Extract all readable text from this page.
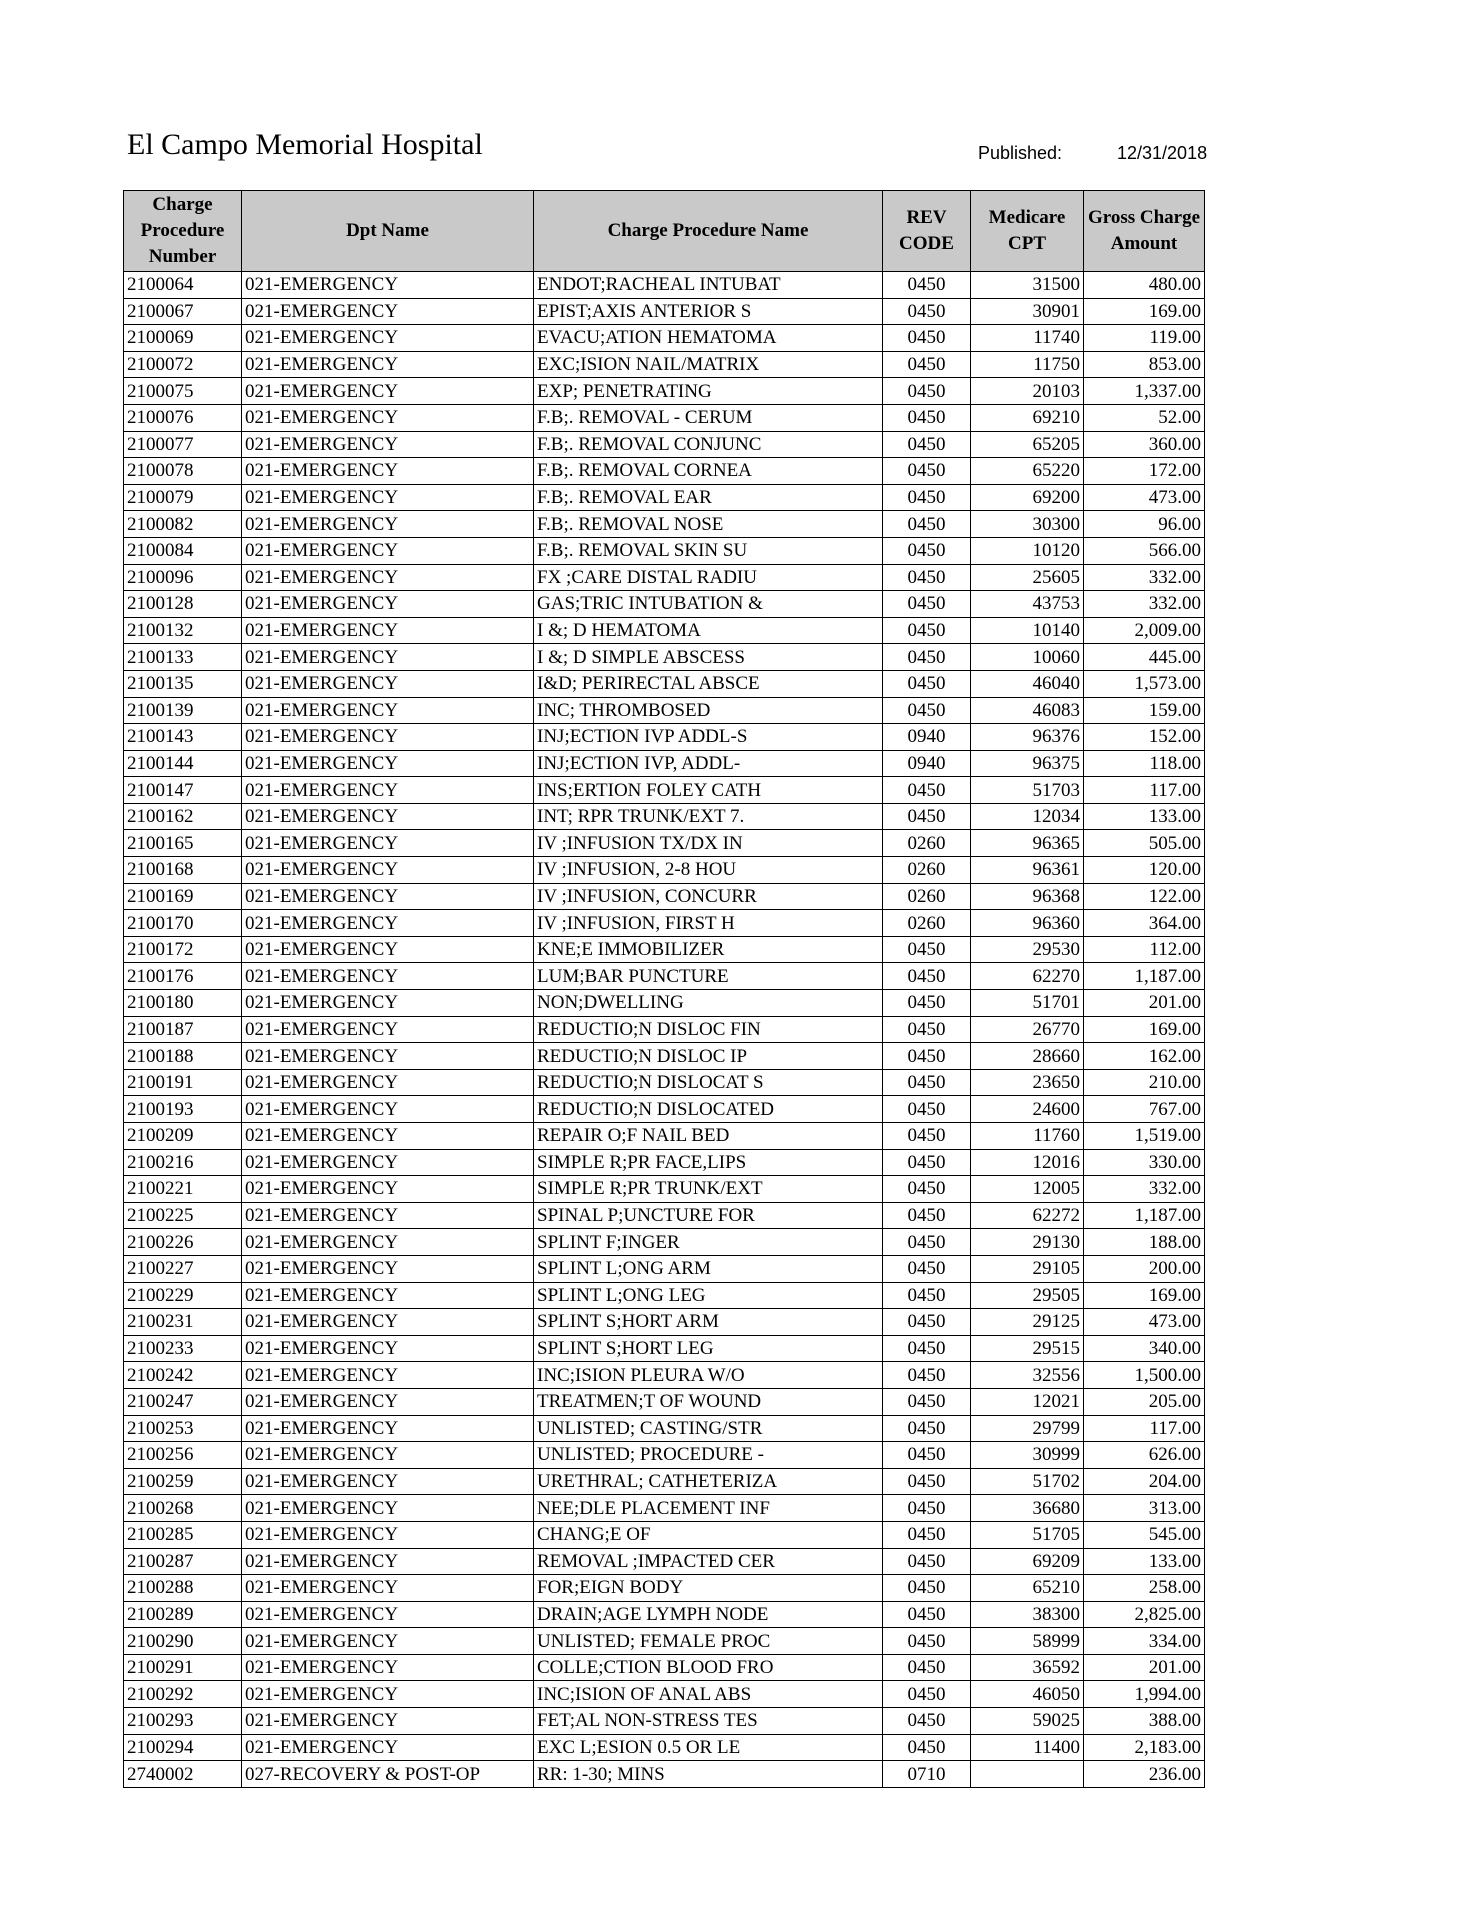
El Campo Memorial Hospital	Published:	12/31/2018
Charge Procedure Number	Dpt Name	Charge Procedure Name	REV CODE	Medicare CPT	Gross Charge Amount
2100064	021-EMERGENCY	ENDOT;RACHEAL INTUBAT	0450	31500	480.00
2100067	021-EMERGENCY	EPIST;AXIS ANTERIOR S	0450	30901	169.00
2100069	021-EMERGENCY	EVACU;ATION HEMATOMA	0450	11740	119.00
2100072	021-EMERGENCY	EXC;ISION NAIL/MATRIX	0450	11750	853.00
2100075	021-EMERGENCY	EXP; PENETRATING	0450	20103	1,337.00
2100076	021-EMERGENCY	F.B;. REMOVAL - CERUM	0450	69210	52.00
2100077	021-EMERGENCY	F.B;. REMOVAL CONJUNC	0450	65205	360.00
2100078	021-EMERGENCY	F.B;. REMOVAL CORNEA	0450	65220	172.00
2100079	021-EMERGENCY	F.B;. REMOVAL EAR	0450	69200	473.00
2100082	021-EMERGENCY	F.B;. REMOVAL NOSE	0450	30300	96.00
2100084	021-EMERGENCY	F.B;. REMOVAL SKIN SU	0450	10120	566.00
2100096	021-EMERGENCY	FX ;CARE DISTAL RADIU	0450	25605	332.00
2100128	021-EMERGENCY	GAS;TRIC INTUBATION &	0450	43753	332.00
2100132	021-EMERGENCY	I &; D HEMATOMA	0450	10140	2,009.00
2100133	021-EMERGENCY	I &; D SIMPLE ABSCESS	0450	10060	445.00
2100135	021-EMERGENCY	I&D; PERIRECTAL ABSCE	0450	46040	1,573.00
2100139	021-EMERGENCY	INC; THROMBOSED	0450	46083	159.00
2100143	021-EMERGENCY	INJ;ECTION IVP ADDL-S	0940	96376	152.00
2100144	021-EMERGENCY	INJ;ECTION IVP, ADDL-	0940	96375	118.00
2100147	021-EMERGENCY	INS;ERTION FOLEY CATH	0450	51703	117.00
2100162	021-EMERGENCY	INT; RPR TRUNK/EXT 7.	0450	12034	133.00
2100165	021-EMERGENCY	IV ;INFUSION TX/DX IN	0260	96365	505.00
2100168	021-EMERGENCY	IV ;INFUSION, 2-8 HOU	0260	96361	120.00
2100169	021-EMERGENCY	IV ;INFUSION, CONCURR	0260	96368	122.00
2100170	021-EMERGENCY	IV ;INFUSION, FIRST H	0260	96360	364.00
2100172	021-EMERGENCY	KNE;E IMMOBILIZER	0450	29530	112.00
2100176	021-EMERGENCY	LUM;BAR PUNCTURE	0450	62270	1,187.00
2100180	021-EMERGENCY	NON;DWELLING	0450	51701	201.00
2100187	021-EMERGENCY	REDUCTIO;N DISLOC FIN	0450	26770	169.00
2100188	021-EMERGENCY	REDUCTIO;N DISLOC IP	0450	28660	162.00
2100191	021-EMERGENCY	REDUCTIO;N DISLOCAT S	0450	23650	210.00
2100193	021-EMERGENCY	REDUCTIO;N DISLOCATED	0450	24600	767.00
2100209	021-EMERGENCY	REPAIR O;F NAIL BED	0450	11760	1,519.00
2100216	021-EMERGENCY	SIMPLE R;PR FACE,LIPS	0450	12016	330.00
2100221	021-EMERGENCY	SIMPLE R;PR TRUNK/EXT	0450	12005	332.00
2100225	021-EMERGENCY	SPINAL P;UNCTURE FOR	0450	62272	1,187.00
2100226	021-EMERGENCY	SPLINT F;INGER	0450	29130	188.00
2100227	021-EMERGENCY	SPLINT L;ONG ARM	0450	29105	200.00
2100229	021-EMERGENCY	SPLINT L;ONG LEG	0450	29505	169.00
2100231	021-EMERGENCY	SPLINT S;HORT ARM	0450	29125	473.00
2100233	021-EMERGENCY	SPLINT S;HORT LEG	0450	29515	340.00
2100242	021-EMERGENCY	INC;ISION PLEURA W/O	0450	32556	1,500.00
2100247	021-EMERGENCY	TREATMEN;T OF WOUND	0450	12021	205.00
2100253	021-EMERGENCY	UNLISTED; CASTING/STR	0450	29799	117.00
2100256	021-EMERGENCY	UNLISTED; PROCEDURE -	0450	30999	626.00
2100259	021-EMERGENCY	URETHRAL; CATHETERIZA	0450	51702	204.00
2100268	021-EMERGENCY	NEE;DLE PLACEMENT INF	0450	36680	313.00
2100285	021-EMERGENCY	CHANG;E OF	0450	51705	545.00
2100287	021-EMERGENCY	REMOVAL ;IMPACTED CER	0450	69209	133.00
2100288	021-EMERGENCY	FOR;EIGN BODY	0450	65210	258.00
2100289	021-EMERGENCY	DRAIN;AGE LYMPH NODE	0450	38300	2,825.00
2100290	021-EMERGENCY	UNLISTED; FEMALE PROC	0450	58999	334.00
2100291	021-EMERGENCY	COLLE;CTION BLOOD FRO	0450	36592	201.00
2100292	021-EMERGENCY	INC;ISION OF ANAL ABS	0450	46050	1,994.00
2100293	021-EMERGENCY	FET;AL NON-STRESS TES	0450	59025	388.00
2100294	021-EMERGENCY	EXC L;ESION 0.5 OR LE	0450	11400	2,183.00
2740002	027-RECOVERY & POST-OP	RR: 1-30; MINS	0710		236.00
